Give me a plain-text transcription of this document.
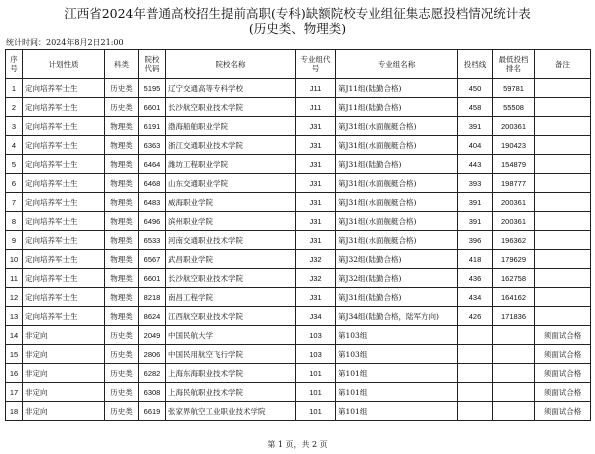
江西省2024年普通高校招生提前高职(专科)缺额院校专业组征集志愿投档情况统计表
(历史类、物理类)
统计时间：2024年8月2日21:00
序号	计划性质	科类	院校代码	院校名称	专业组代号	专业组名称	投档线	最低投档排名	备注
1	定向培养军士生	历史类	5195	辽宁交通高等专科学校	J11	第J11组(陆勤合格)	450	59781	
2	定向培养军士生	历史类	6601	长沙航空职业技术学院	J11	第J11组(陆勤合格)	458	55508	
3	定向培养军士生	物理类	6191	渤海船舶职业学院	J31	第J31组(水面舰艇合格)	391	200361	
4	定向培养军士生	物理类	6363	浙江交通职业技术学院	J31	第J31组(水面舰艇合格)	404	190423	
5	定向培养军士生	物理类	6464	潍坊工程职业学院	J31	第J31组(陆勤合格)	443	154879	
6	定向培养军士生	物理类	6468	山东交通职业学院	J31	第J31组(水面舰艇合格)	393	198777	
7	定向培养军士生	物理类	6483	威海职业学院	J31	第J31组(水面舰艇合格)	391	200361	
8	定向培养军士生	物理类	6496	滨州职业学院	J31	第J31组(水面舰艇合格)	391	200361	
9	定向培养军士生	物理类	6533	河南交通职业技术学院	J31	第J31组(水面舰艇合格)	396	196362	
10	定向培养军士生	物理类	6567	武昌职业学院	J32	第J32组(陆勤合格)	418	179629	
11	定向培养军士生	物理类	6601	长沙航空职业技术学院	J32	第J32组(陆勤合格)	436	162758	
12	定向培养军士生	物理类	8218	南昌工程学院	J31	第J31组(陆勤合格)	434	164162	
13	定向培养军士生	物理类	8624	江西航空职业技术学院	J34	第J34组(陆勤合格，陆军方向)	426	171836	
14	非定向	历史类	2049	中国民航大学	103	第103组			须面试合格
15	非定向	历史类	2806	中国民用航空飞行学院	103	第103组			须面试合格
16	非定向	历史类	6282	上海东海职业技术学院	101	第101组			须面试合格
17	非定向	历史类	6308	上海民航职业技术学院	101	第101组			须面试合格
18	非定向	历史类	6619	张家界航空工业职业技术学院	101	第101组			须面试合格
第 1 页，共 2 页
